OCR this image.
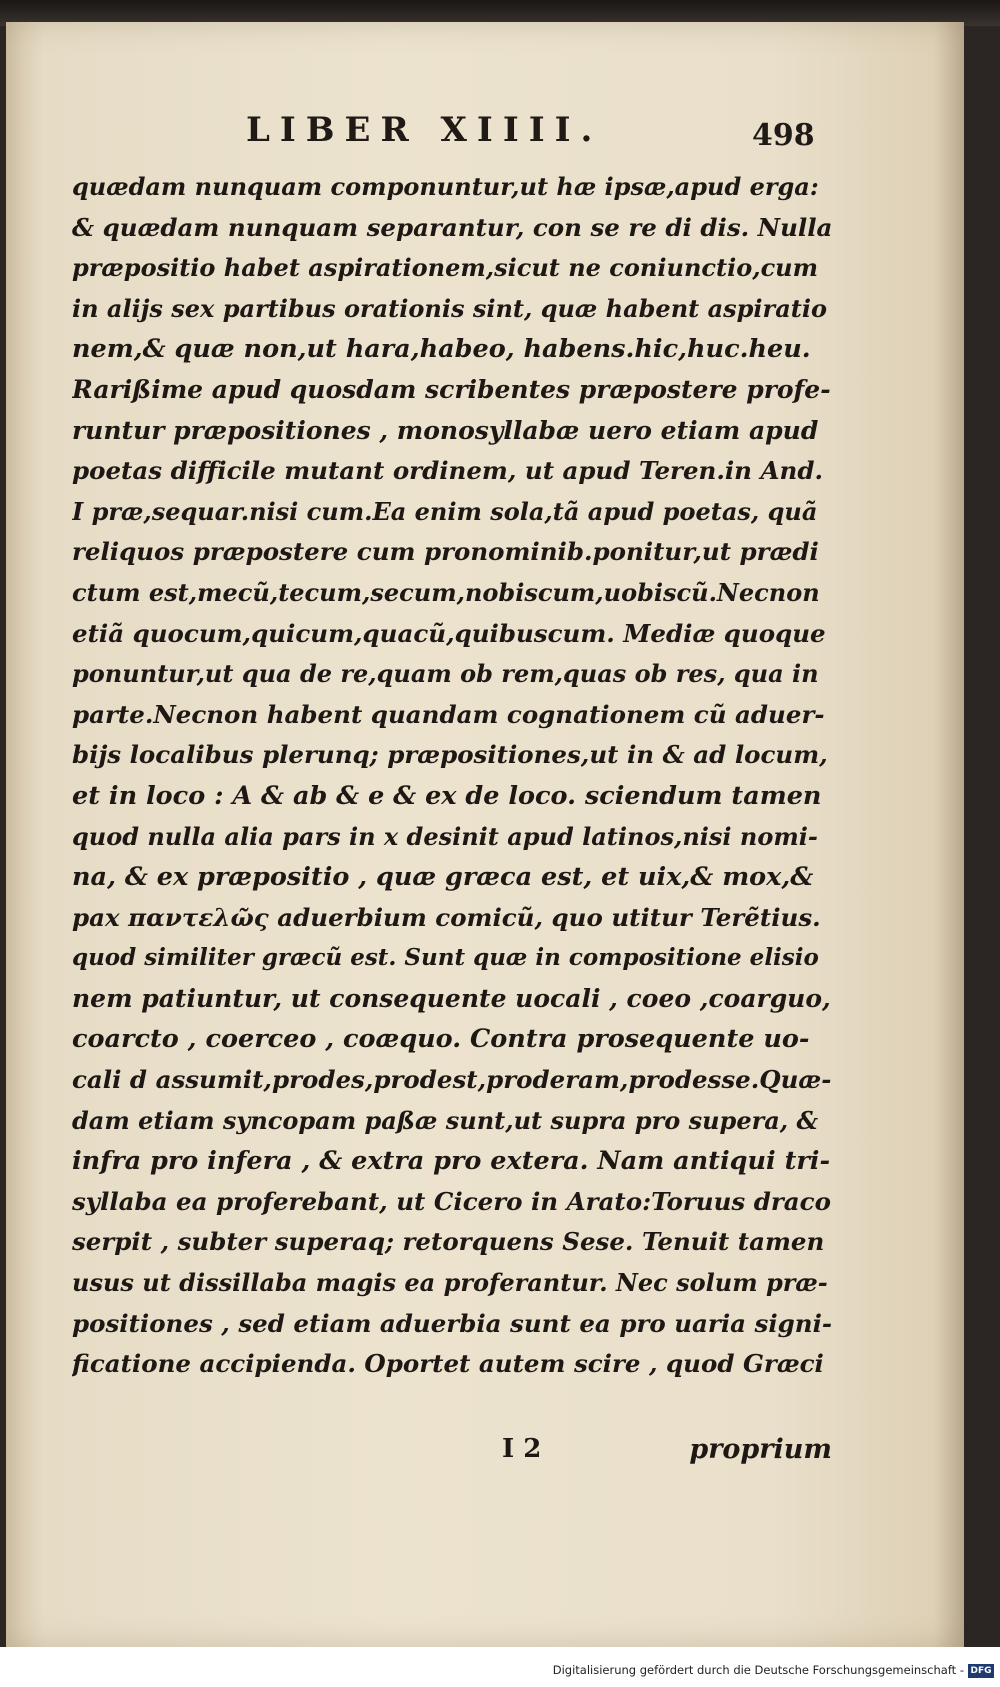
LIBER XIIII.	498
quædam nunquam componuntur,ut hæ ipsæ,apud erga:
& quædam nunquam separantur, con se re di dis. Nulla
præpositio habet aspirationem,sicut ne coniunctio,cum
in alijs sex partibus orationis sint, quæ habent aspiratio
nem,& quæ non,ut hara,habeo, habens.hic,huc.heu.
Rarißime apud quosdam scribentes præpostere profe-
runtur præpositiones , monosyllabæ uero etiam apud
poetas difficile mutant ordinem, ut apud Teren.in And.
I præ,sequar.nisi cum.Ea enim sola,tã apud poetas, quã
reliquos præpostere cum pronominib.ponitur,ut prædi
ctum est,mecũ,tecum,secum,nobiscum,uobiscũ.Necnon
etiã quocum,quicum,quacũ,quibuscum. Mediæ quoque
ponuntur,ut qua de re,quam ob rem,quas ob res, qua in
parte.Necnon habent quandam cognationem cũ aduer-
bijs localibus plerunq; præpositiones,ut in & ad locum,
et in loco : A & ab & e & ex de loco. sciendum tamen
quod nulla alia pars in x desinit apud latinos,nisi nomi-
na, & ex præpositio , quæ græca est, et uix,& mox,&
pax παντελῶς aduerbium comicũ, quo utitur Terẽtius.
quod similiter græcũ est. Sunt quæ in compositione elisio
nem patiuntur, ut consequente uocali , coeo ,coarguo,
coarcto , coerceo , coæquo. Contra prosequente uo-
cali d assumit,prodes,prodest,proderam,prodesse.Quæ-
dam etiam syncopam paßæ sunt,ut supra pro supera, &
infra pro infera , & extra pro extera. Nam antiqui tri-
syllaba ea proferebant, ut Cicero in Arato:Toruus draco
serpit , subter superaq; retorquens Sese. Tenuit tamen
usus ut dissillaba magis ea proferantur. Nec solum præ-
positiones , sed etiam aduerbia sunt ea pro uaria signi-
ficatione accipienda. Oportet autem scire , quod Græci
I 2	proprium
Digitalisierung gefördert durch die Deutsche Forschungsgemeinschaft - DFG
